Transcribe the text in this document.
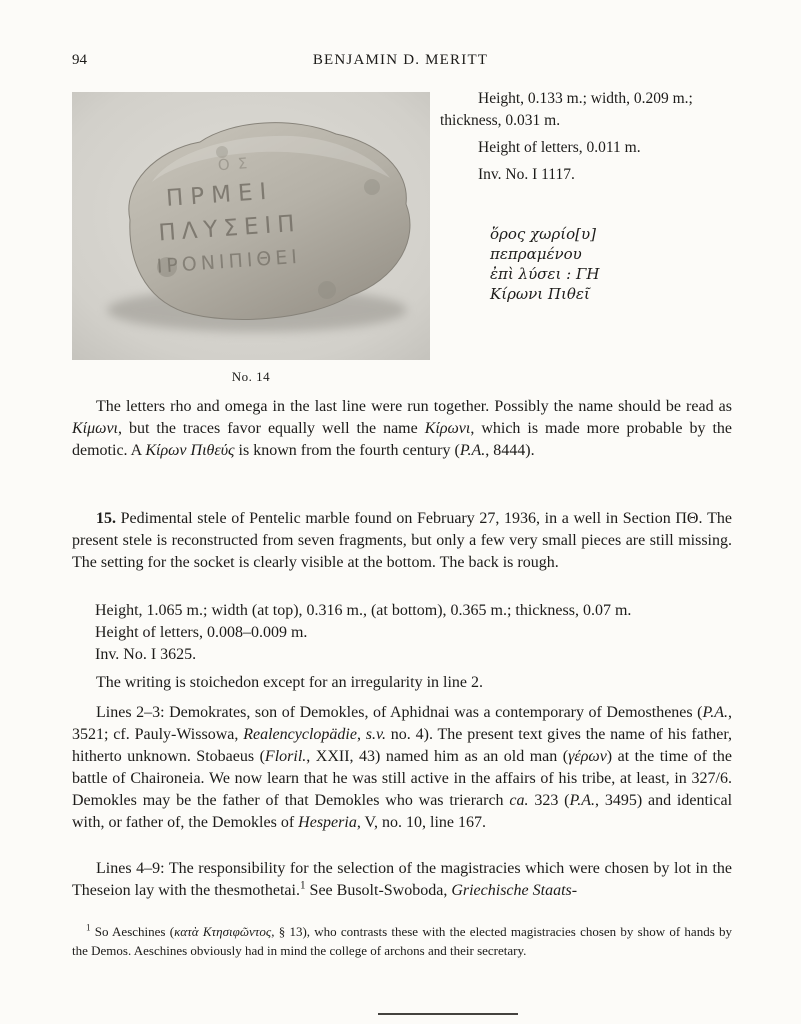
94	BENJAMIN D. MERITT
ΟΣ
ΠΡΜΕΙ
ΠΛΥΣΕΙΠ
ΙΡΟΝΙΠΙΘΕΙ
No. 14

Height, 0.133 m.; width, 0.209 m.; thickness, 0.031 m.

Height of letters, 0.011 m.

Inv. No. I 1117.

ὅρος χωρίο[υ]
πεπραμένου
ἐπὶ λύσει : ΓΗ
Κίρωνι Πιθεῖ

The letters rho and omega in the last line were run together. Possibly the name should be read as Κίμωνι, but the traces favor equally well the name Κίρωνι, which is made more probable by the demotic. A Κίρων Πιθεύς is known from the fourth century (P.A., 8444).

15. Pedimental stele of Pentelic marble found on February 27, 1936, in a well in Section ΠΘ. The present stele is reconstructed from seven fragments, but only a few very small pieces are still missing. The setting for the socket is clearly visible at the bottom. The back is rough.

Height, 1.065 m.; width (at top), 0.316 m., (at bottom), 0.365 m.; thickness, 0.07 m.
Height of letters, 0.008–0.009 m.
Inv. No. I 3625.

The writing is stoichedon except for an irregularity in line 2.

Lines 2–3: Demokrates, son of Demokles, of Aphidnai was a contemporary of Demosthenes (P.A., 3521; cf. Pauly-Wissowa, Realencyclopädie, s.v. no. 4). The present text gives the name of his father, hitherto unknown. Stobaeus (Floril., XXII, 43) named him as an old man (γέρων) at the time of the battle of Chaironeia. We now learn that he was still active in the affairs of his tribe, at least, in 327/6. Demokles may be the father of that Demokles who was trierarch ca. 323 (P.A., 3495) and identical with, or father of, the Demokles of Hesperia, V, no. 10, line 167.

Lines 4–9: The responsibility for the selection of the magistracies which were chosen by lot in the Theseion lay with the thesmothetai.$^1$ See Busolt-Swoboda, Griechische Staats-

$^1$ So Aeschines (κατὰ Κτησιφῶντος, § 13), who contrasts these with the elected magistracies chosen by show of hands by the Demos. Aeschines obviously had in mind the college of archons and their secretary.
